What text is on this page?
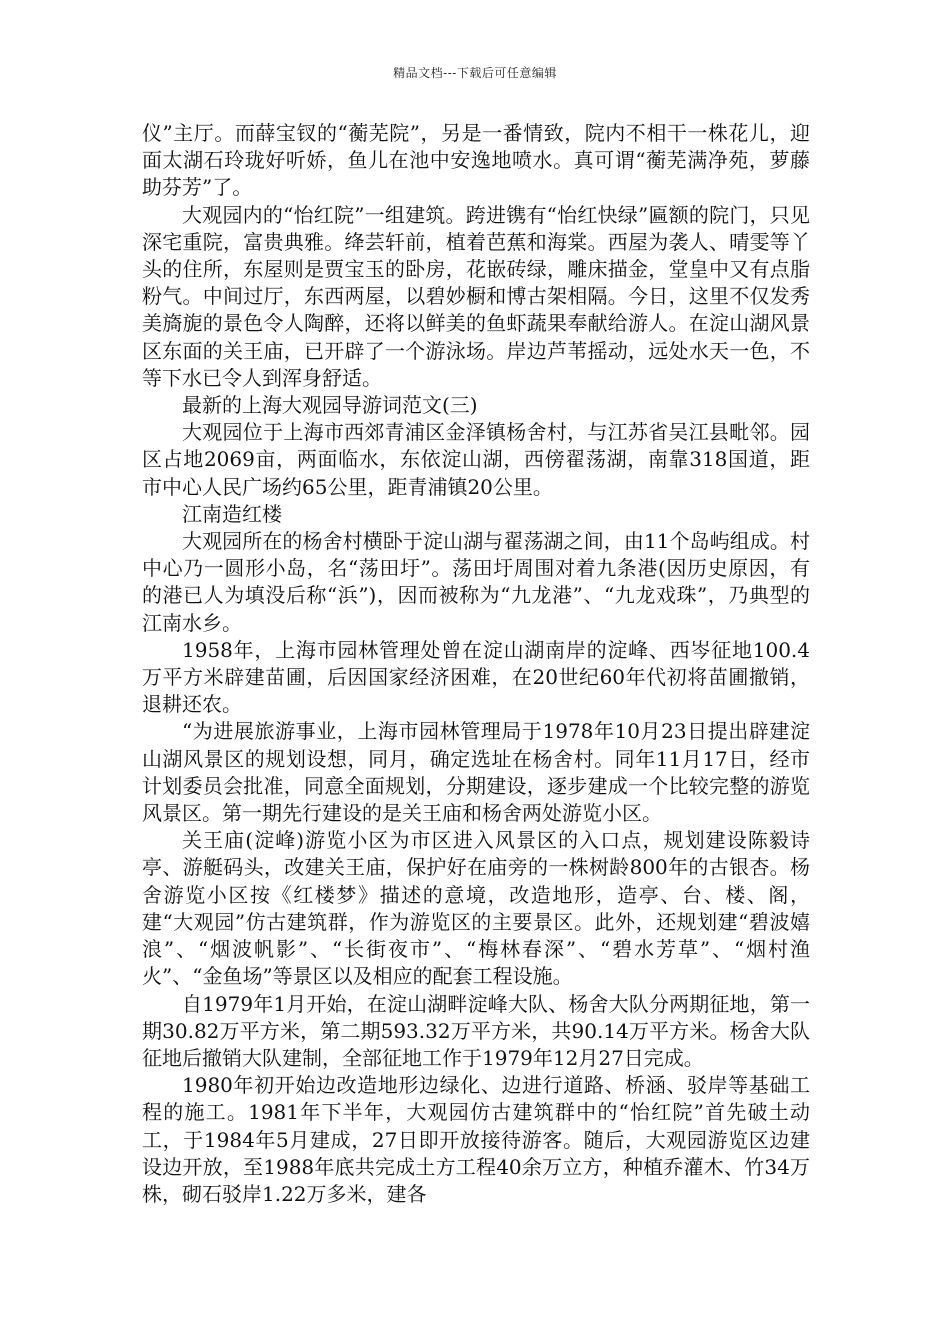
精品文档---下载后可任意编辑

仪”主厅。而薛宝钗的“蘅芜院”，另是一番情致，院内不相干一株花儿，迎面太湖石玲珑好听娇，鱼儿在池中安逸地喷水。真可谓“蘅芜满净苑，萝藤助芬芳”了。

大观园内的“怡红院”一组建筑。跨进镌有“怡红快绿”匾额的院门，只见深宅重院，富贵典雅。绛芸轩前，植着芭蕉和海棠。西屋为袭人、晴雯等丫头的住所，东屋则是贾宝玉的卧房，花嵌砖绿，雕床描金，堂皇中又有点脂粉气。中间过厅，东西两屋，以碧妙橱和博古架相隔。今日，这里不仅发秀美旖旎的景色令人陶醉，还将以鲜美的鱼虾蔬果奉献给游人。在淀山湖风景区东面的关王庙，已开辟了一个游泳场。岸边芦苇摇动，远处水天一色，不等下水已令人到浑身舒适。

最新的上海大观园导游词范文(三)

大观园位于上海市西郊青浦区金泽镇杨舍村，与江苏省吴江县毗邻。园区占地2069亩，两面临水，东依淀山湖，西傍翟荡湖，南靠318国道，距市中心人民广场约65公里，距青浦镇20公里。

江南造红楼

大观园所在的杨舍村横卧于淀山湖与翟荡湖之间，由11个岛屿组成。村中心乃一圆形小岛，名“荡田圩”。荡田圩周围对着九条港(因历史原因，有的港已人为填没后称“浜”)，因而被称为“九龙港”、“九龙戏珠”，乃典型的江南水乡。

1958年，上海市园林管理处曾在淀山湖南岸的淀峰、西岑征地100.4万平方米辟建苗圃，后因国家经济困难，在20世纪60年代初将苗圃撤销，退耕还农。

“为进展旅游事业，上海市园林管理局于1978年10月23日提出辟建淀山湖风景区的规划设想，同月，确定选址在杨舍村。同年11月17日，经市计划委员会批准，同意全面规划，分期建设，逐步建成一个比较完整的游览风景区。第一期先行建设的是关王庙和杨舍两处游览小区。

关王庙(淀峰)游览小区为市区进入风景区的入口点，规划建设陈毅诗亭、游艇码头，改建关王庙，保护好在庙旁的一株树龄800年的古银杏。杨舍游览小区按《红楼梦》描述的意境，改造地形，造亭、台、楼、阁，建“大观园”仿古建筑群，作为游览区的主要景区。此外，还规划建“碧波嬉浪”、“烟波帆影”、“长街夜市”、“梅林春深”、“碧水芳草”、“烟村渔火”、“金鱼场”等景区以及相应的配套工程设施。

自1979年1月开始，在淀山湖畔淀峰大队、杨舍大队分两期征地，第一期30.82万平方米，第二期593.32万平方米，共90.14万平方米。杨舍大队征地后撤销大队建制，全部征地工作于1979年12月27日完成。

1980年初开始边改造地形边绿化、边进行道路、桥涵、驳岸等基础工程的施工。1981年下半年，大观园仿古建筑群中的“怡红院”首先破土动工，于1984年5月建成，27日即开放接待游客。随后，大观园游览区边建设边开放，至1988年底共完成土方工程40余万立方，种植乔灌木、竹34万株，砌石驳岸1.22万多米，建各
